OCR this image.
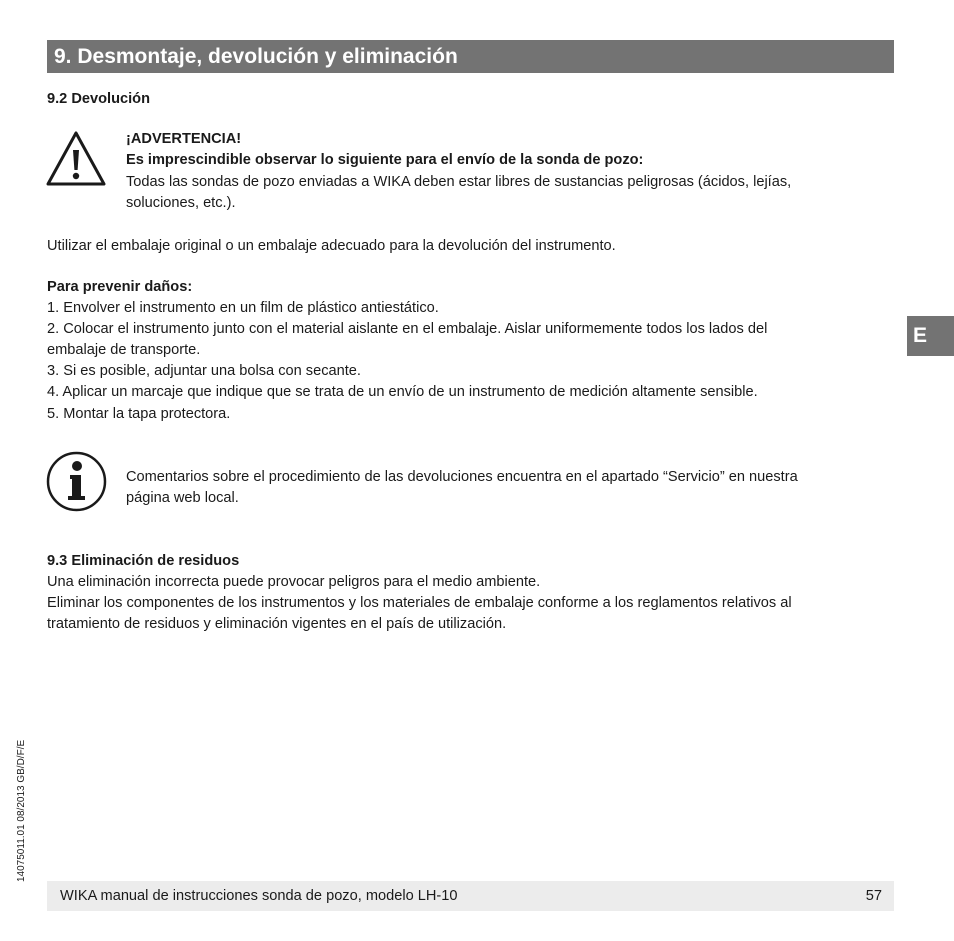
9. Desmontaje, devolución y eliminación

9.2 Devolución

¡ADVERTENCIA!

Es imprescindible observar lo siguiente para el envío de la sonda de pozo:

Todas las sondas de pozo enviadas a WIKA deben estar libres de sustancias peligrosas (ácidos, lejías,

soluciones, etc.).

Utilizar el embalaje original o un embalaje adecuado para la devolución del instrumento.

Para prevenir daños:

1. Envolver el instrumento en un film de plástico antiestático.

2. Colocar el instrumento junto con el material aislante en el embalaje. Aislar uniformemente todos los lados del

embalaje de transporte.

3. Si es posible, adjuntar una bolsa con secante.

4. Aplicar un marcaje que indique que se trata de un envío de un instrumento de medición altamente sensible.

5. Montar la tapa protectora.

Comentarios sobre el procedimiento de las devoluciones encuentra en el apartado “Servicio” en nuestra

página web local.

9.3 Eliminación de residuos

Una eliminación incorrecta puede provocar peligros para el medio ambiente.

Eliminar los componentes de los instrumentos y los materiales de embalaje conforme a los reglamentos relativos al

tratamiento de residuos y eliminación vigentes en el país de utilización.

E
14075011.01 08/2013 GB/D/F/E
WIKA manual de instrucciones sonda de pozo, modelo LH-10	57
